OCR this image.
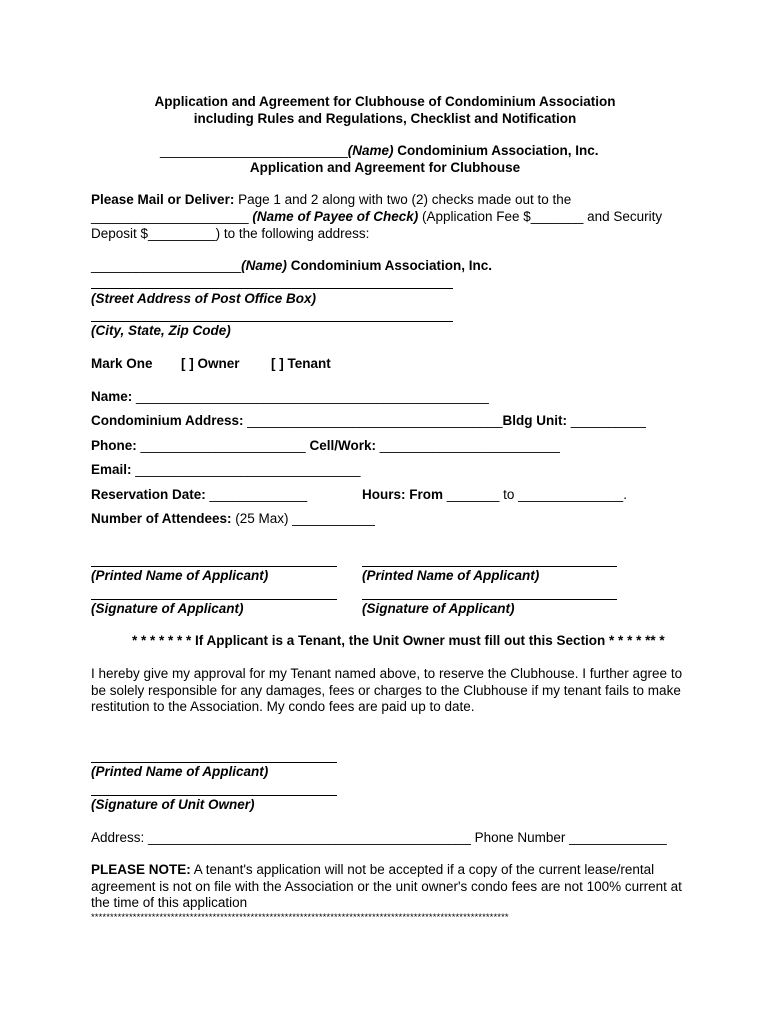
Application and Agreement for Clubhouse of Condominium Association
including Rules and Regulations, Checklist and Notification
_________________________(Name) Condominium Association, Inc.
Application and Agreement for Clubhouse
Please Mail or Deliver: Page 1 and 2 along with two (2) checks made out to the
_____________________ (Name of Payee of Check) (Application Fee $_______ and Security
Deposit $_________) to the following address:
____________________(Name) Condominium Association, Inc.
(Street Address of Post Office Box)
(City, State, Zip Code)
Mark One [ ] Owner [ ] Tenant
Name: _______________________________________________
Condominium Address: __________________________________Bldg Unit: __________
Phone: ______________________ Cell/Work: ________________________
Email: ______________________________
Reservation Date: _____________	Hours: From _______ to ______________.
Number of Attendees: (25 Max) ___________
(Printed Name of Applicant)	(Printed Name of Applicant)
(Signature of Applicant)	(Signature of Applicant)
* * * * * * * If Applicant is a Tenant, the Unit Owner must fill out this Section * * * * ** *
I hereby give my approval for my Tenant named above, to reserve the Clubhouse. I further agree to be solely responsible for any damages, fees or charges to the Clubhouse if my tenant fails to make restitution to the Association. My condo fees are paid up to date.
(Printed Name of Applicant)
(Signature of Unit Owner)
Address: ___________________________________________ Phone Number _____________
PLEASE NOTE: A tenant's application will not be accepted if a copy of the current lease/rental agreement is not on file with the Association or the unit owner's condo fees are not 100% current at the time of this application
**************************************************************************************************************
